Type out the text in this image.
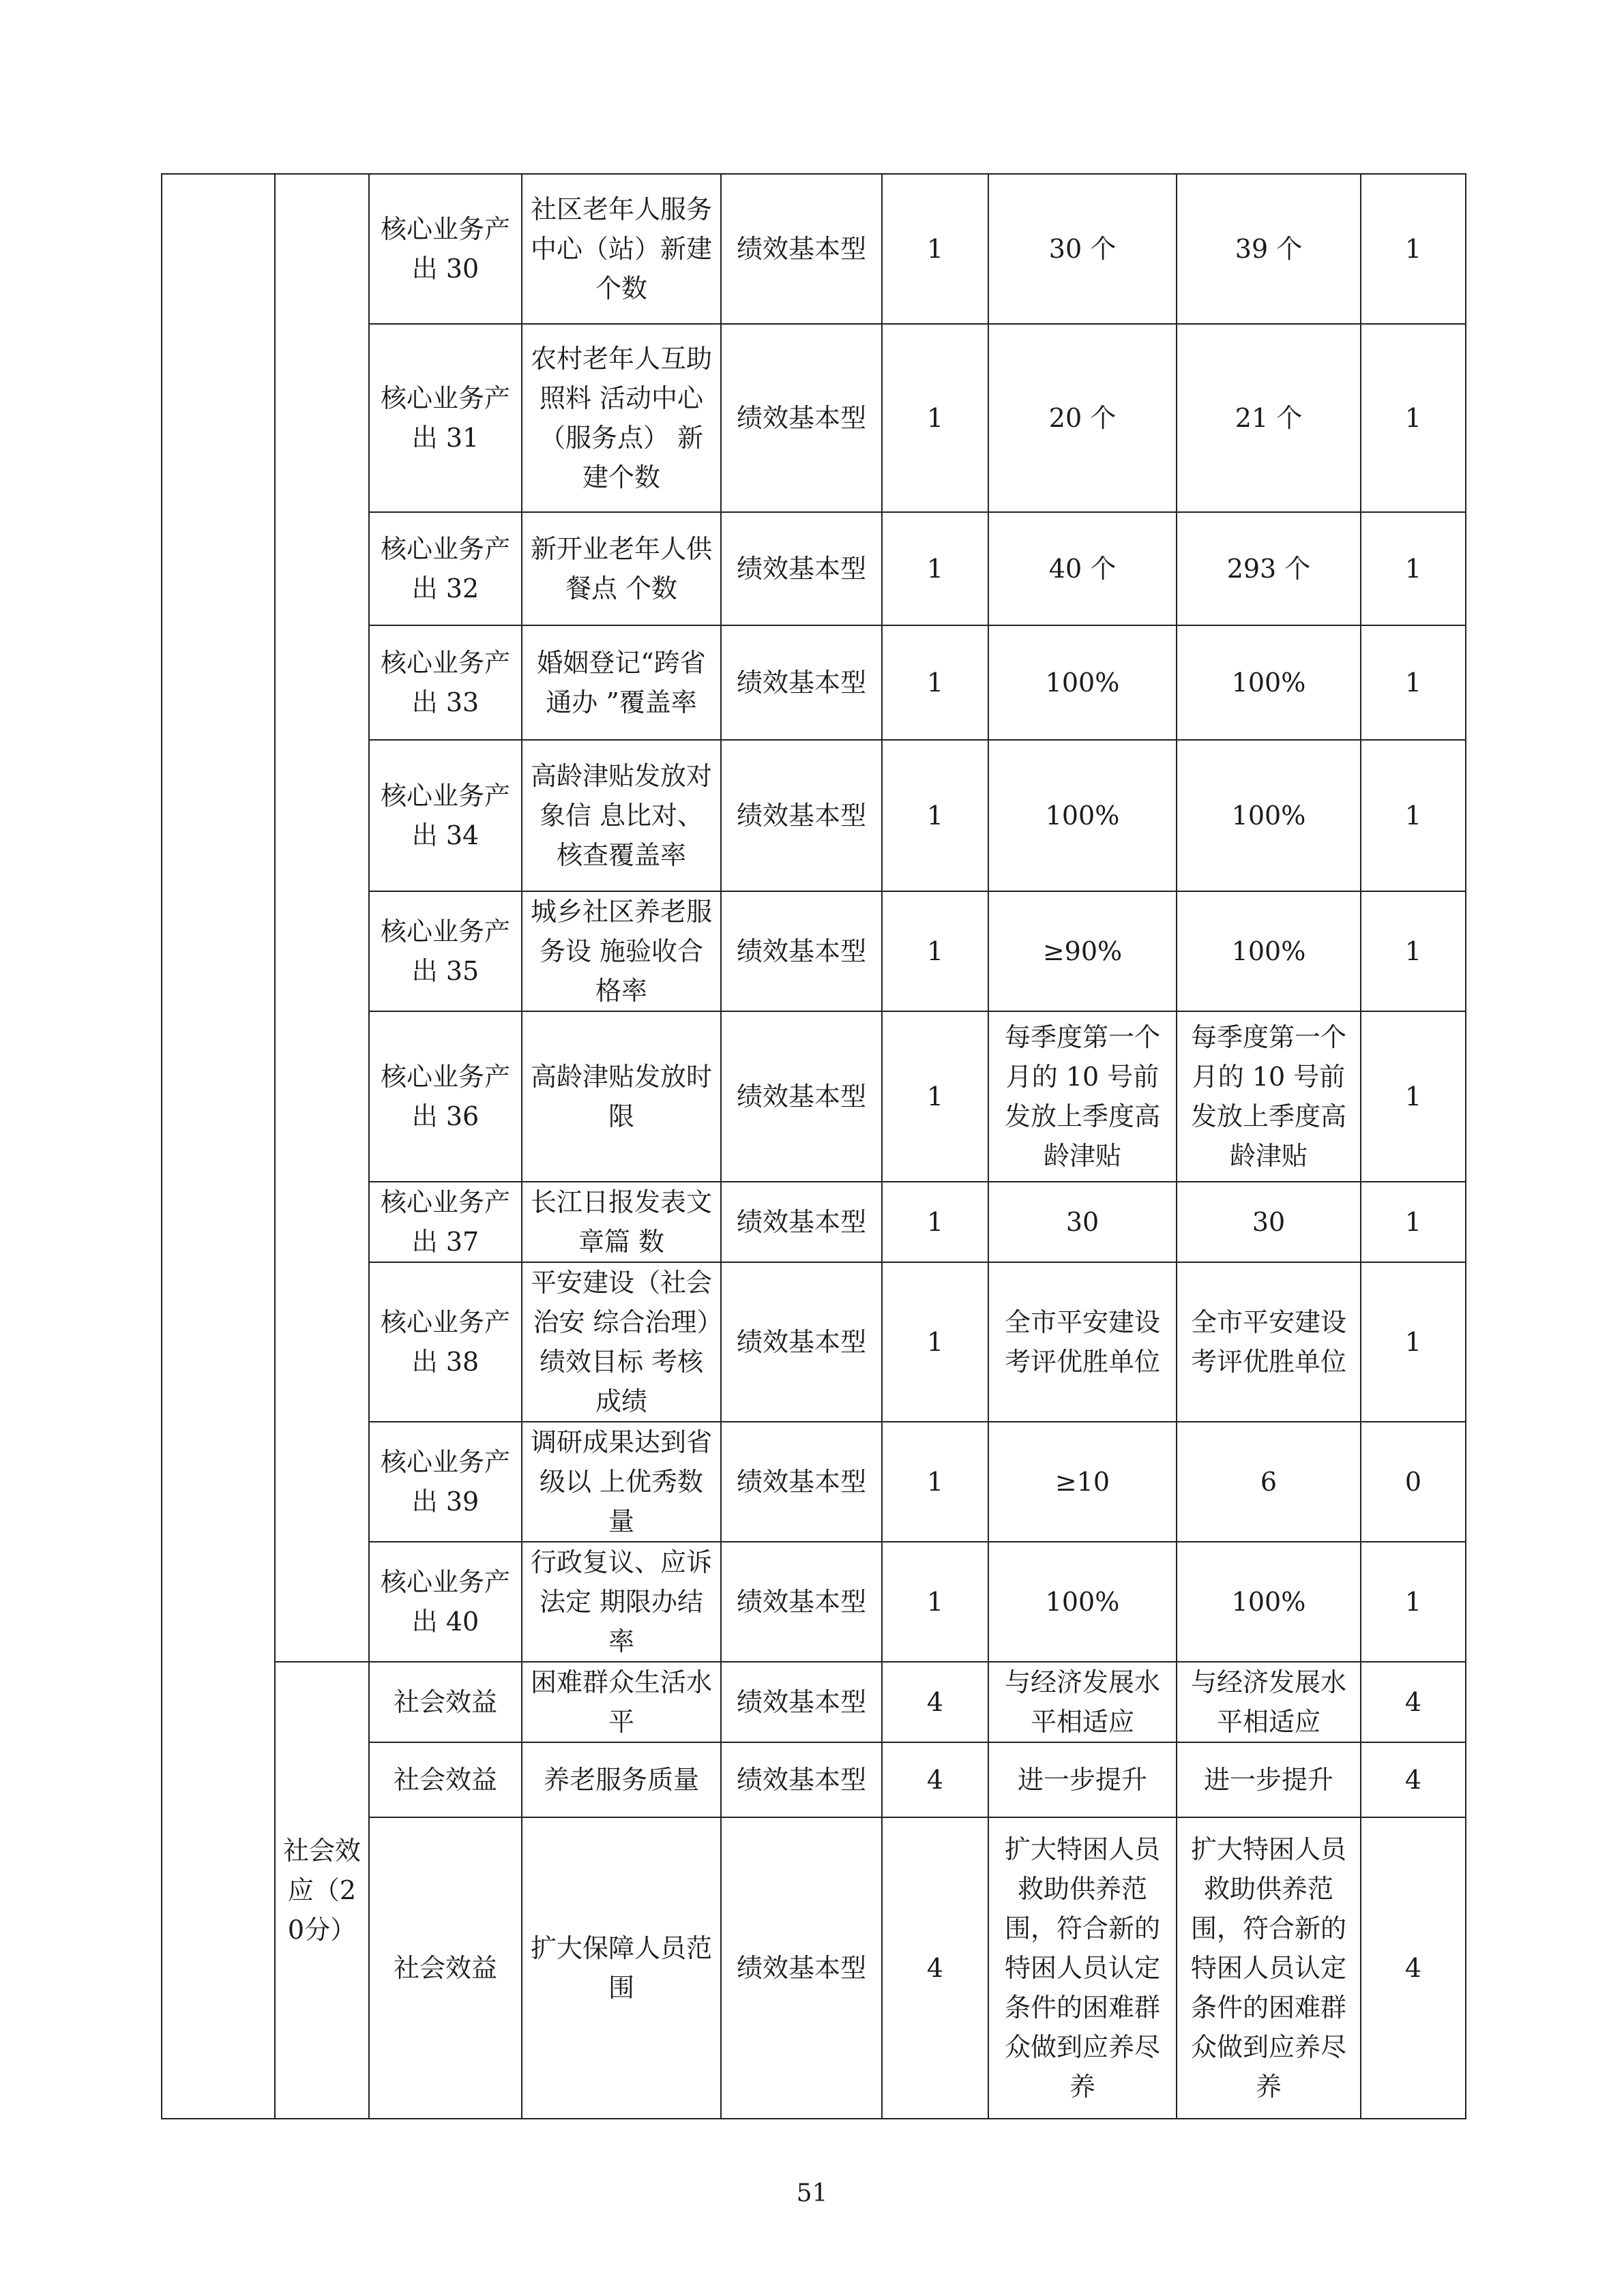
		核心业务产出 30	社区老年人服务中心（站）新建个数	绩效基本型	1	30 个	39 个	1

		核心业务产出 31	农村老年人互助照料 活动中心（服务点） 新建个数	绩效基本型	1	20 个	21 个	1

		核心业务产出 32	新开业老年人供餐点 个数	绩效基本型	1	40 个	293 个	1

		核心业务产出 33	婚姻登记“跨省通办 ”覆盖率	绩效基本型	1	100%	100%	1

		核心业务产出 34	高龄津贴发放对象信 息比对、核查覆盖率	绩效基本型	1	100%	100%	1

		核心业务产出 35	城乡社区养老服务设 施验收合格率	绩效基本型	1	≥90%	100%	1

		核心业务产出 36	高龄津贴发放时限	绩效基本型	1	每季度第一个月的 10 号前发放上季度高龄津贴	每季度第一个月的 10 号前发放上季度高龄津贴	1

		核心业务产出 37	长江日报发表文章篇 数	绩效基本型	1	30	30	1

		核心业务产出 38	平安建设（社会治安 综合治理）绩效目标 考核成绩	绩效基本型	1	全市平安建设考评优胜单位	全市平安建设考评优胜单位	1

		核心业务产出 39	调研成果达到省级以 上优秀数量	绩效基本型	1	≥10	6	0

		核心业务产出 40	行政复议、应诉法定 期限办结率	绩效基本型	1	100%	100%	1

	社会效应（20分）	社会效益	困难群众生活水平	绩效基本型	4	与经济发展水平相适应	与经济发展水平相适应	4

		社会效益	养老服务质量	绩效基本型	4	进一步提升	进一步提升	4

		社会效益	扩大保障人员范围	绩效基本型	4	扩大特困人员救助供养范围，符合新的特困人员认定条件的困难群众做到应养尽养	扩大特困人员救助供养范围，符合新的特困人员认定条件的困难群众做到应养尽养	4
51
